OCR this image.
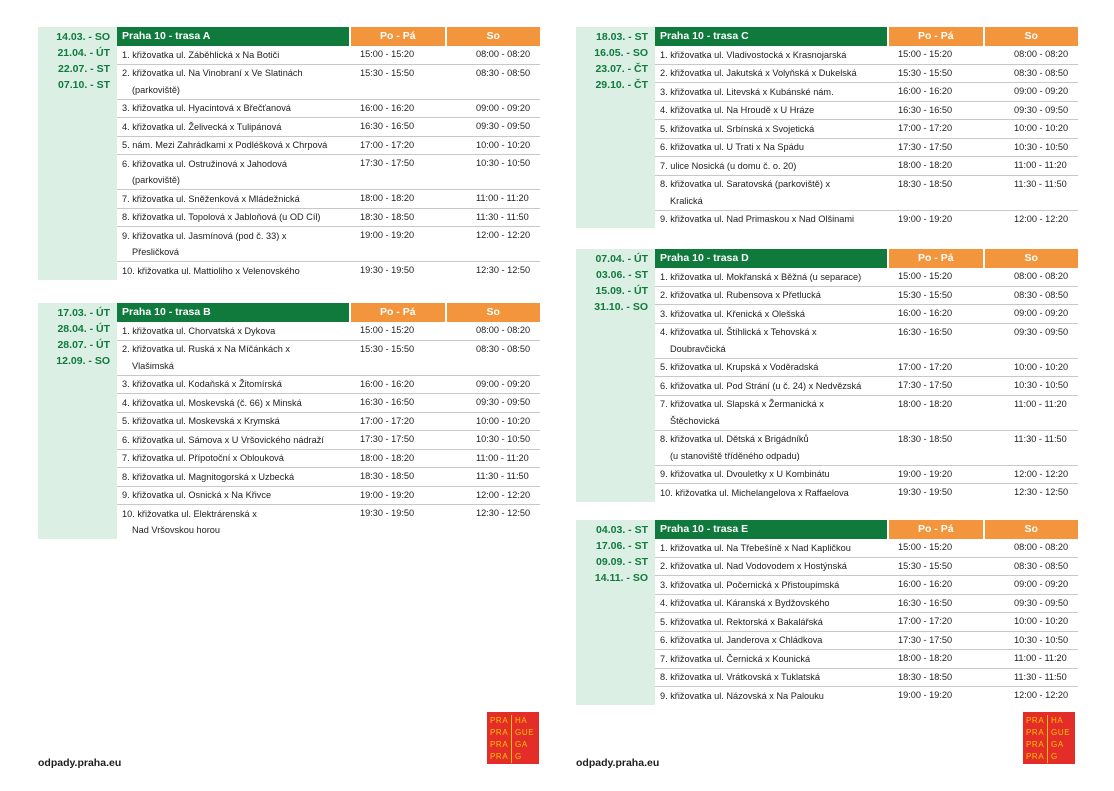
14.03. - SO
21.04. - ÚT
22.07. - ST
07.10. - ST
Praha 10 - trasa A	Po - Pá	So
1. křižovatka ul. Záběhlická x Na Botiči	15:00 - 15:20	08:00 - 08:20
2. křižovatka ul. Na Vinobraní x Ve Slatinách
(parkoviště)
15:30 - 15:50	08:30 - 08:50
3. křižovatka ul. Hyacintová x Břečťanová	16:00 - 16:20	09:00 - 09:20
4. křižovatka ul. Želivecká x Tulipánová	16:30 - 16:50	09:30 - 09:50
5. nám. Mezi Zahrádkami x Podléšková x Chrpová	17:00 - 17:20	10:00 - 10:20
6. křižovatka ul. Ostružinová x Jahodová
(parkoviště)
17:30 - 17:50	10:30 - 10:50
7. křižovatka ul. Sněženková x Mládežnická	18:00 - 18:20	11:00 - 11:20
8. křižovatka ul. Topolová x Jabloňová (u OD Cíl)	18:30 - 18:50	11:30 - 11:50
9. křižovatka ul. Jasmínová (pod č. 33) x
Přesličková
19:00 - 19:20	12:00 - 12:20
10. křižovatka ul. Mattioliho x Velenovského	19:30 - 19:50	12:30 - 12:50
17.03. - ÚT
28.04. - ÚT
28.07. - ÚT
12.09. - SO
Praha 10 - trasa B	Po - Pá	So
1. křižovatka ul. Chorvatská x Dykova	15:00 - 15:20	08:00 - 08:20
2. křižovatka ul. Ruská x Na Míčánkách x
Vlašimská
15:30 - 15:50	08:30 - 08:50
3. křižovatka ul. Kodaňská x Žitomírská	16:00 - 16:20	09:00 - 09:20
4. křižovatka ul. Moskevská (č. 66) x Minská	16:30 - 16:50	09:30 - 09:50
5. křižovatka ul. Moskevská x Krymská	17:00 - 17:20	10:00 - 10:20
6. křižovatka ul. Sámova x U Vršovického nádraží	17:30 - 17:50	10:30 - 10:50
7. křižovatka ul. Přípotoční x Oblouková	18:00 - 18:20	11:00 - 11:20
8. křižovatka ul. Magnitogorská x Uzbecká	18:30 - 18:50	11:30 - 11:50
9. křižovatka ul. Osnická x Na Křivce	19:00 - 19:20	12:00 - 12:20
10. křižovatka ul. Elektrárenská x
Nad Vršovskou horou
19:30 - 19:50	12:30 - 12:50
odpady.praha.eu
18.03. - ST
16.05. - SO
23.07. - ČT
29.10. - ČT
Praha 10 - trasa C	Po - Pá	So
1. křižovatka ul. Vladivostocká x Krasnojarská	15:00 - 15:20	08:00 - 08:20
2. křižovatka ul. Jakutská x Volyňská x Dukelská	15:30 - 15:50	08:30 - 08:50
3. křižovatka ul. Litevská x Kubánské nám.	16:00 - 16:20	09:00 - 09:20
4. křižovatka ul. Na Hroudě x U Hráze	16:30 - 16:50	09:30 - 09:50
5. křižovatka ul. Srbínská x Svojetická	17:00 - 17:20	10:00 - 10:20
6. křižovatka ul. U Trati x Na Spádu	17:30 - 17:50	10:30 - 10:50
7. ulice Nosická (u domu č. o. 20)	18:00 - 18:20	11:00 - 11:20
8. křižovatka ul. Saratovská (parkoviště) x
Kralická
18:30 - 18:50	11:30 - 11:50
9. křižovatka ul. Nad Primaskou x Nad Olšinami	19:00 - 19:20	12:00 - 12:20
07.04. - ÚT
03.06. - ST
15.09. - ÚT
31.10. - SO
Praha 10 - trasa D	Po - Pá	So
1. křižovatka ul. Mokřanská x Běžná (u separace)	15:00 - 15:20	08:00 - 08:20
2. křižovatka ul. Rubensova x Přetlucká	15:30 - 15:50	08:30 - 08:50
3. křižovatka ul. Křenická x Olešská	16:00 - 16:20	09:00 - 09:20
4. křižovatka ul. Štíhlická x Tehovská x
Doubravčická
16:30 - 16:50	09:30 - 09:50
5. křižovatka ul. Krupská x Voděradská	17:00 - 17:20	10:00 - 10:20
6. křižovatka ul. Pod Strání (u č. 24) x Nedvězská	17:30 - 17:50	10:30 - 10:50
7. křižovatka ul. Slapská x Žermanická x
Štěchovická
18:00 - 18:20	11:00 - 11:20
8. křižovatka ul. Dětská x Brigádníků
(u stanoviště tříděného odpadu)
18:30 - 18:50	11:30 - 11:50
9. křižovatka ul. Dvouletky x U Kombinátu	19:00 - 19:20	12:00 - 12:20
10. křižovatka ul. Michelangelova x Raffaelova	19:30 - 19:50	12:30 - 12:50
04.03. - ST
17.06. - ST
09.09. - ST
14.11. - SO
Praha 10 - trasa E	Po - Pá	So
1. křižovatka ul. Na Třebešíně x Nad Kapličkou	15:00 - 15:20	08:00 - 08:20
2. křižovatka ul. Nad Vodovodem x Hostýnská	15:30 - 15:50	08:30 - 08:50
3. křižovatka ul. Počernická x Přistoupimská	16:00 - 16:20	09:00 - 09:20
4. křižovatka ul. Káranská x Bydžovského	16:30 - 16:50	09:30 - 09:50
5. křižovatka ul. Rektorská x Bakalářská	17:00 - 17:20	10:00 - 10:20
6. křižovatka ul. Janderova x Chládkova	17:30 - 17:50	10:30 - 10:50
7. křižovatka ul. Černická x Kounická	18:00 - 18:20	11:00 - 11:20
8. křižovatka ul. Vrátkovská x Tuklatská	18:30 - 18:50	11:30 - 11:50
9. křižovatka ul. Názovská x Na Palouku	19:00 - 19:20	12:00 - 12:20
odpady.praha.eu
PRA HA
PRA GUE
PRA GA
PRA G
PRA HA
PRA GUE
PRA GA
PRA G
